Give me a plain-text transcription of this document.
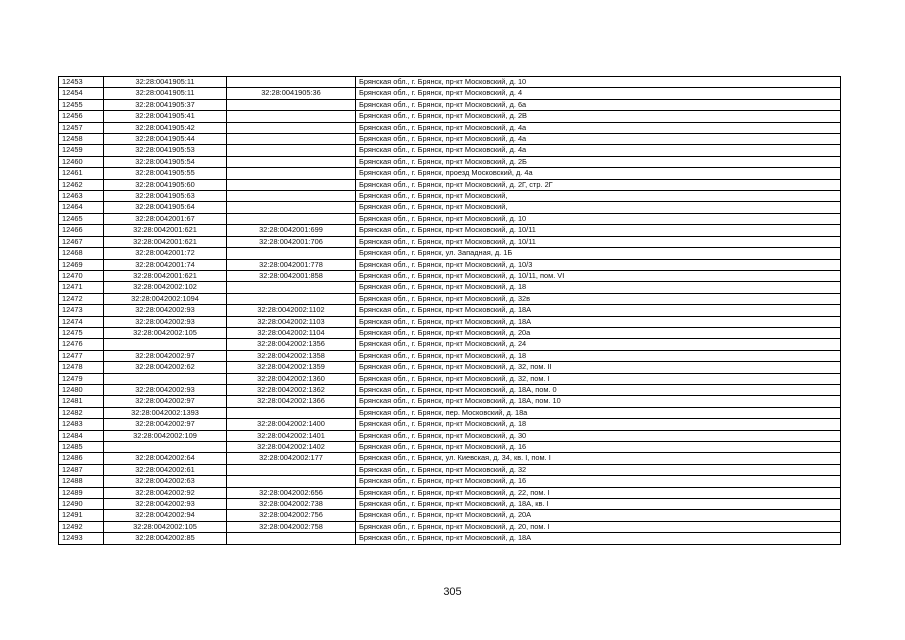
12453	32:28:0041905:11		Брянская обл., г. Брянск, пр-кт Московский, д. 10
12454	32:28:0041905:11	32:28:0041905:36	Брянская обл., г. Брянск, пр-кт Московский, д. 4
12455	32:28:0041905:37		Брянская обл., г. Брянск, пр-кт Московский, д. 6а
12456	32:28:0041905:41		Брянская обл., г. Брянск, пр-кт Московский, д. 2В
12457	32:28:0041905:42		Брянская обл., г. Брянск, пр-кт Московский, д. 4а
12458	32:28:0041905:44		Брянская обл., г. Брянск, пр-кт Московский, д. 4а
12459	32:28:0041905:53		Брянская обл., г. Брянск, пр-кт Московский, д. 4а
12460	32:28:0041905:54		Брянская обл., г. Брянск, пр-кт Московский, д. 2Б
12461	32:28:0041905:55		Брянская обл., г. Брянск, проезд Московский, д. 4а
12462	32:28:0041905:60		Брянская обл., г. Брянск, пр-кт Московский, д. 2Г, стр. 2Г
12463	32:28:0041905:63		Брянская обл., г. Брянск, пр-кт Московский,
12464	32:28:0041905:64		Брянская обл., г. Брянск, пр-кт Московский,
12465	32:28:0042001:67		Брянская обл., г. Брянск, пр-кт Московский, д. 10
12466	32:28:0042001:621	32:28:0042001:699	Брянская обл., г. Брянск, пр-кт Московский, д. 10/11
12467	32:28:0042001:621	32:28:0042001:706	Брянская обл., г. Брянск, пр-кт Московский, д. 10/11
12468	32:28:0042001:72		Брянская обл., г. Брянск, ул. Западная, д. 1Б
12469	32:28:0042001:74	32:28:0042001:778	Брянская обл., г. Брянск, пр-кт Московский, д. 10/3
12470	32:28:0042001:621	32:28:0042001:858	Брянская обл., г. Брянск, пр-кт Московский, д. 10/11, пом. VI
12471	32:28:0042002:102		Брянская обл., г. Брянск, пр-кт Московский, д. 18
12472	32:28:0042002:1094		Брянская обл., г. Брянск, пр-кт Московский, д. 32в
12473	32:28:0042002:93	32:28:0042002:1102	Брянская обл., г. Брянск, пр-кт Московский, д. 18А
12474	32:28:0042002:93	32:28:0042002:1103	Брянская обл., г. Брянск, пр-кт Московский, д. 18А
12475	32:28:0042002:105	32:28:0042002:1104	Брянская обл., г. Брянск, пр-кт Московский, д. 20а
12476		32:28:0042002:1356	Брянская обл., г. Брянск, пр-кт Московский, д. 24
12477	32:28:0042002:97	32:28:0042002:1358	Брянская обл., г. Брянск, пр-кт Московский, д. 18
12478	32:28:0042002:62	32:28:0042002:1359	Брянская обл., г. Брянск, пр-кт Московский, д. 32, пом. II
12479		32:28:0042002:1360	Брянская обл., г. Брянск, пр-кт Московский, д. 32, пом. I
12480	32:28:0042002:93	32:28:0042002:1362	Брянская обл., г. Брянск, пр-кт Московский, д. 18А, пом. 0
12481	32:28:0042002:97	32:28:0042002:1366	Брянская обл., г. Брянск, пр-кт Московский, д. 18А, пом. 10
12482	32:28:0042002:1393		Брянская обл., г. Брянск, пер. Московский, д. 18а
12483	32:28:0042002:97	32:28:0042002:1400	Брянская обл., г. Брянск, пр-кт Московский, д. 18
12484	32:28:0042002:109	32:28:0042002:1401	Брянская обл., г. Брянск, пр-кт Московский, д. 30
12485		32:28:0042002:1402	Брянская обл., г. Брянск, пр-кт Московский, д. 16
12486	32:28:0042002:64	32:28:0042002:177	Брянская обл., г. Брянск, ул. Киевская, д. 34, кв. I, пом. I
12487	32:28:0042002:61		Брянская обл., г. Брянск, пр-кт Московский, д. 32
12488	32:28:0042002:63		Брянская обл., г. Брянск, пр-кт Московский, д. 16
12489	32:28:0042002:92	32:28:0042002:656	Брянская обл., г. Брянск, пр-кт Московский, д. 22, пом. I
12490	32:28:0042002:93	32:28:0042002:738	Брянская обл., г. Брянск, пр-кт Московский, д. 18А, кв. I
12491	32:28:0042002:94	32:28:0042002:756	Брянская обл., г. Брянск, пр-кт Московский, д. 20А
12492	32:28:0042002:105	32:28:0042002:758	Брянская обл., г. Брянск, пр-кт Московский, д. 20, пом. I
12493	32:28:0042002:85		Брянская обл., г. Брянск, пр-кт Московский, д. 18А
305
